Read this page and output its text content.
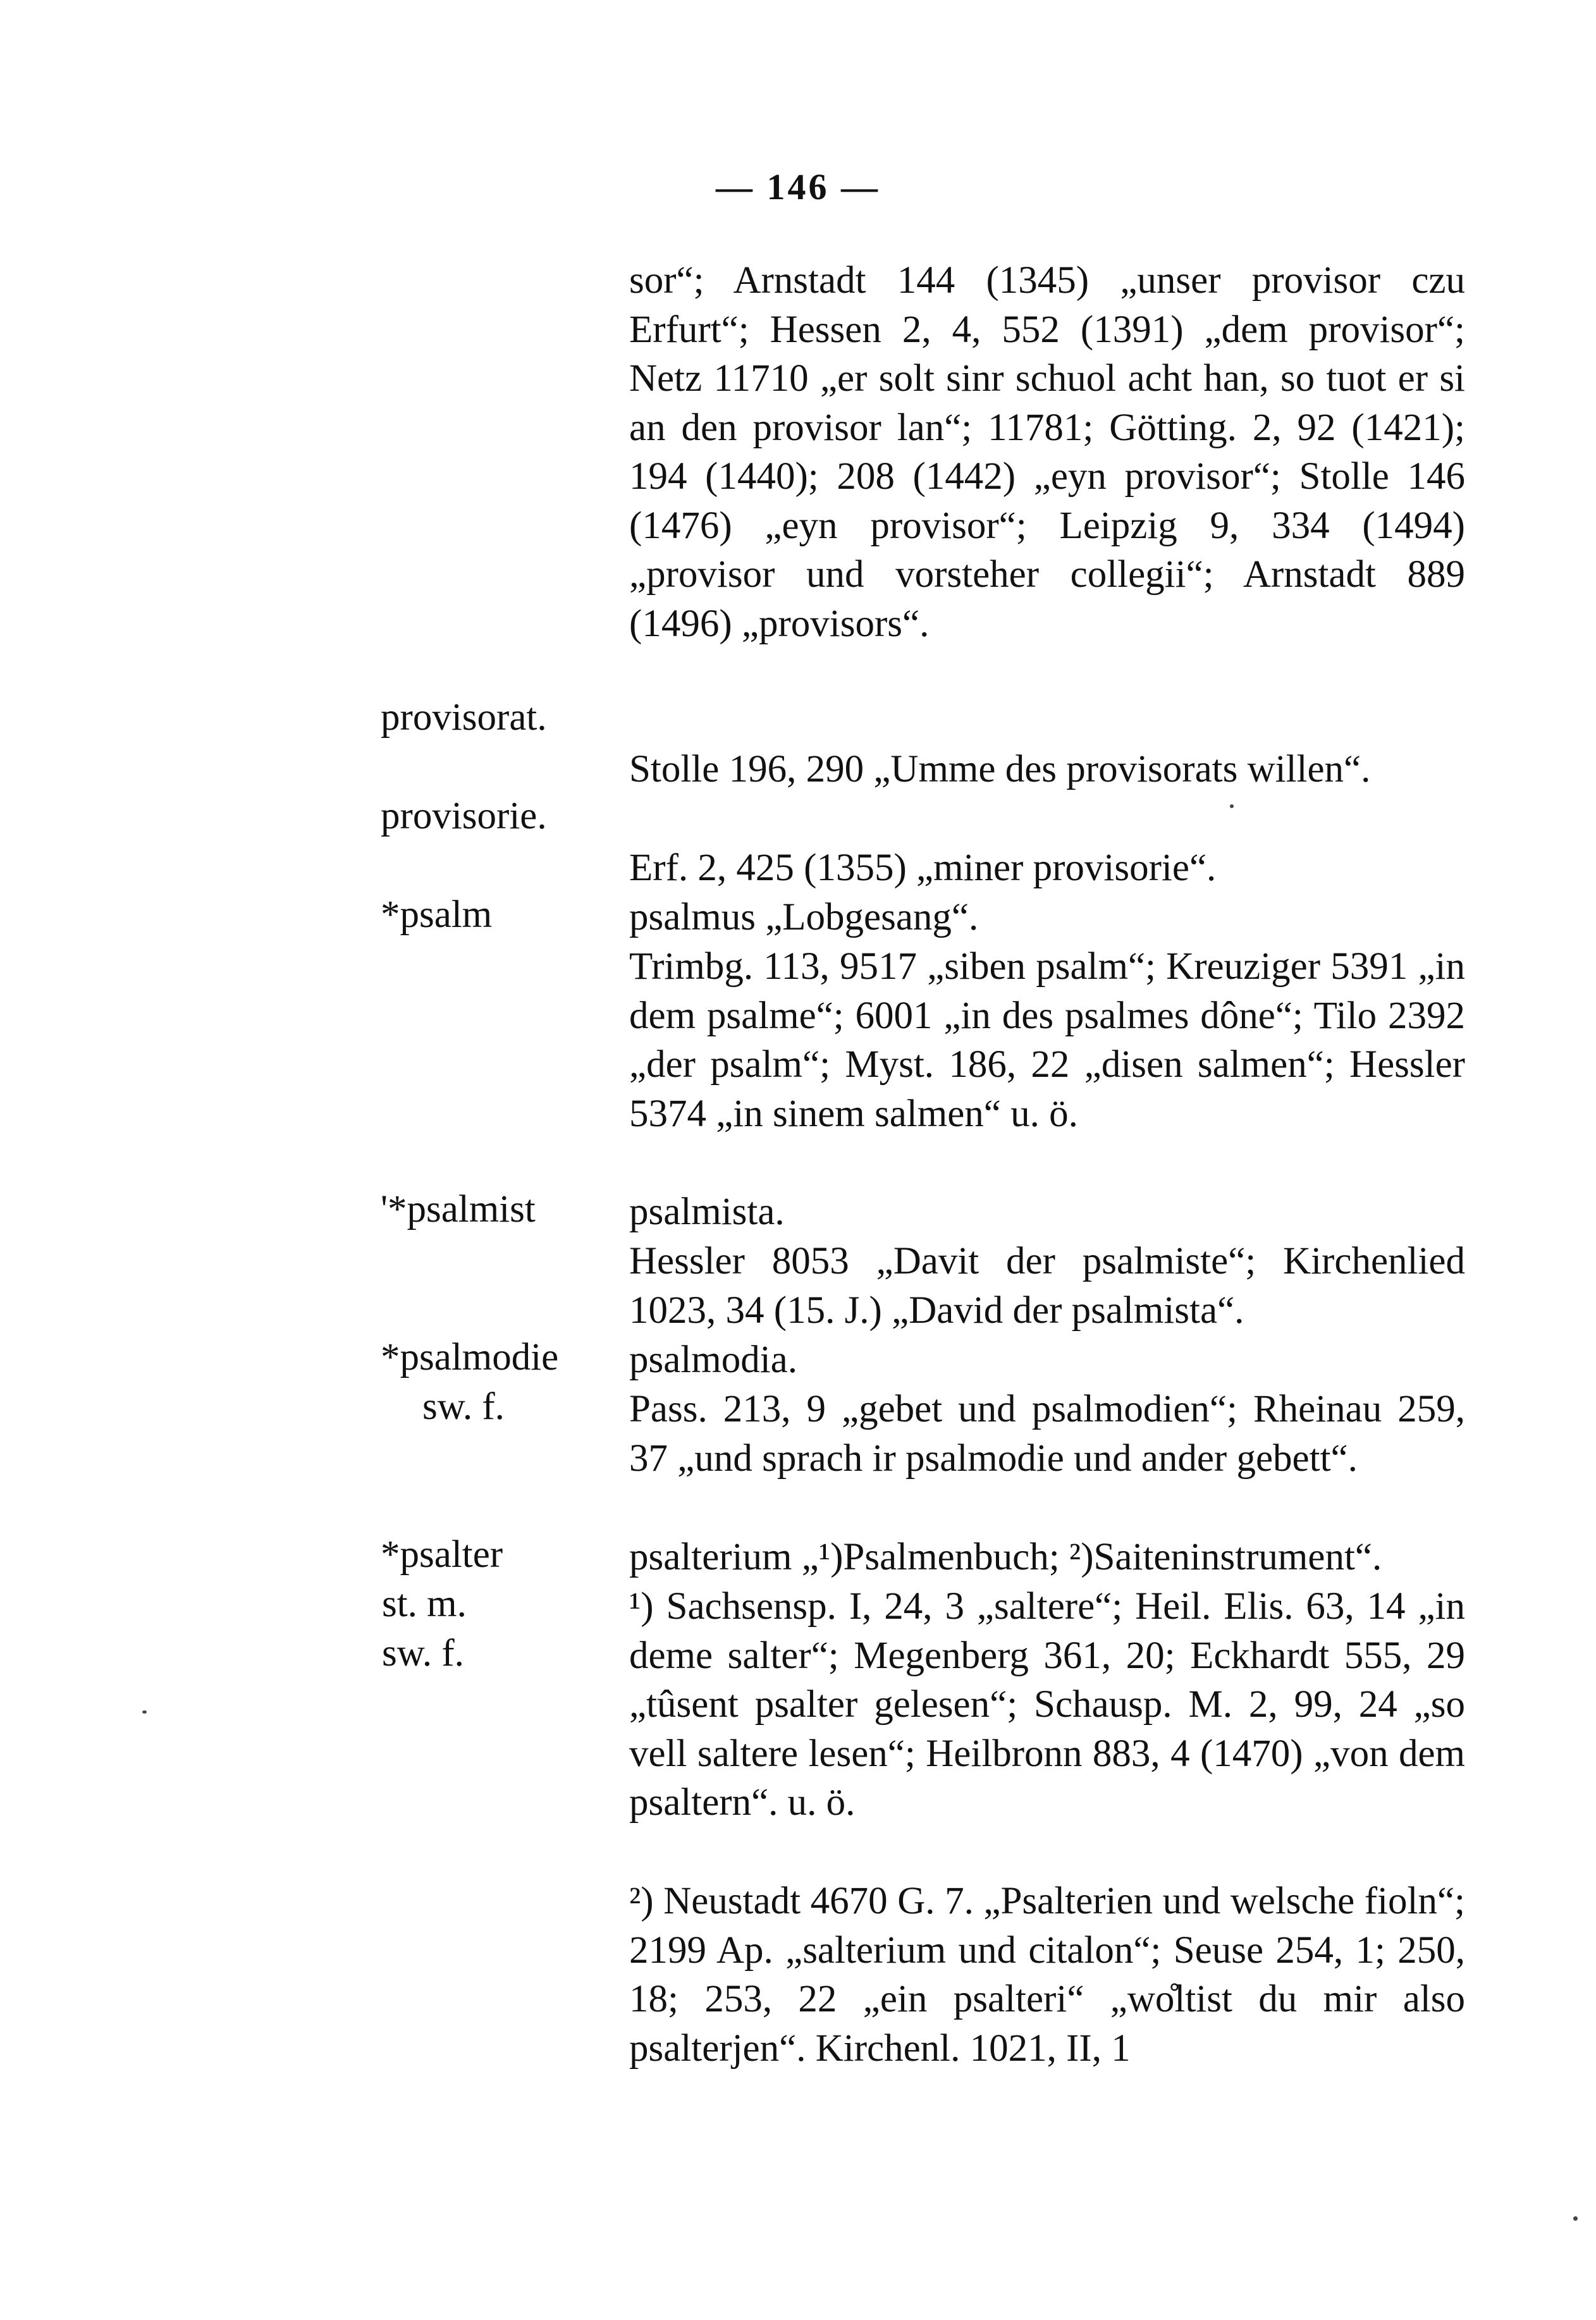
— 146 —
sor“; Arnstadt 144 (1345) „unser provisor czu Erfurt“; Hessen 2, 4, 552 (1391) „dem provisor“; Netz 11710 „er solt sinr schuol acht han, so tuot er si an den provisor lan“; 11781; Götting. 2, 92 (1421); 194 (1440); 208 (1442) „eyn provisor“; Stolle 146 (1476) „eyn provisor“; Leipzig 9, 334 (1494) „provisor und vorsteher collegii“; Arnstadt 889 (1496) „provisors“.
provisorat.
Stolle 196, 290 „Umme des provisorats willen“.
provisorie.
Erf. 2, 425 (1355) „miner provisorie“.
*psalm	psalmus „Lobgesang“.
Trimbg. 113, 9517 „siben psalm“; Kreuziger 5391 „in dem psalme“; 6001 „in des psalmes dône“; Tilo 2392 „der psalm“; Myst. 186, 22 „disen salmen“; Hessler 5374 „in sinem salmen“ u. ö.
'*psalmist psalmista.
Hessler 8053 „Davit der psalmiste“; Kirchenlied 1023, 34 (15. J.) „David der psalmista“.
*psalmodie
sw. f.
psalmodia.
Pass. 213, 9 „gebet und psalmodien“; Rheinau 259, 37 „und sprach ir psalmodie und ander gebett“.
*psalter
st. m.
sw. f.
psalterium „¹)Psalmenbuch; ²)Saiteninstrument“.
¹) Sachsensp. I, 24, 3 „saltere“; Heil. Elis. 63, 14 „in deme salter“; Megenberg 361, 20; Eckhardt 555, 29 „tûsent psalter gelesen“; Schausp. M. 2, 99, 24 „so vell saltere lesen“; Heilbronn 883, 4 (1470) „von dem psaltern“. u. ö.
²) Neustadt 4670 G. 7. „Psalterien und welsche fioln“; 2199 Ap. „salterium und citalon“; Seuse 254, 1; 250, 18; 253, 22 „ein psalteri“ „wo̊ltist du mir also psalterjen“. Kirchenl. 1021, II, 1
